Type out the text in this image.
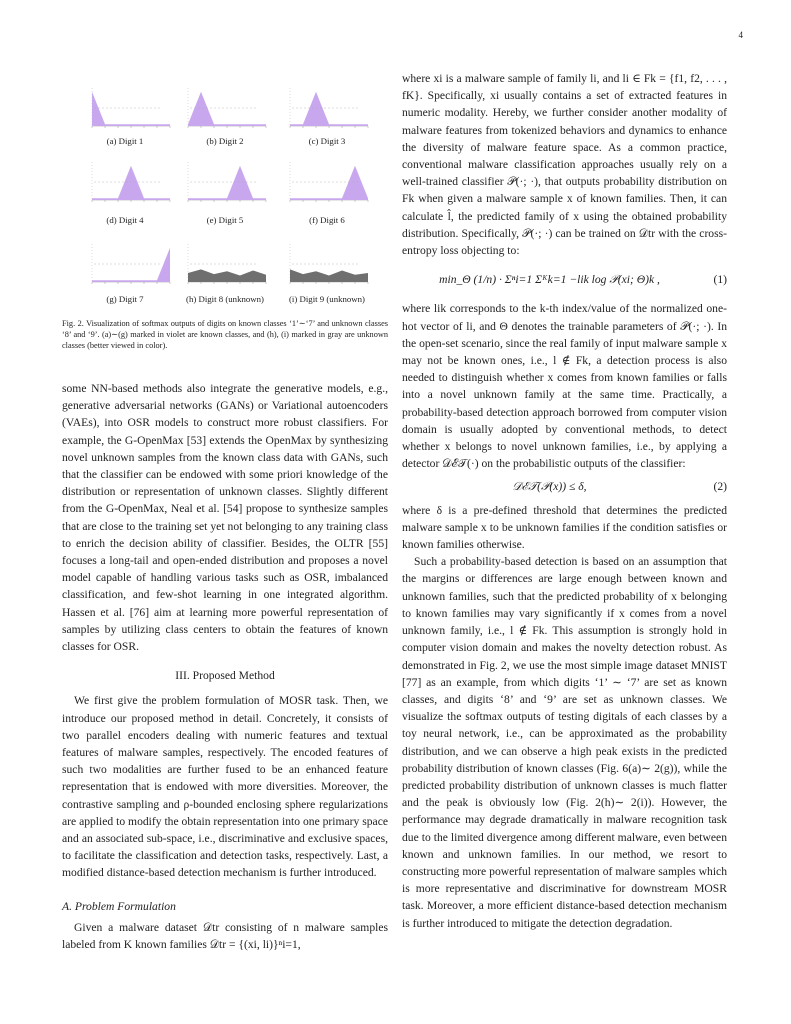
4
(a) Digit 1	(b) Digit 2	(c) Digit 3
(d) Digit 4	(e) Digit 5	(f) Digit 6
(g) Digit 7	(h) Digit 8 (unknown)	(i) Digit 9 (unknown)
Fig. 2. Visualization of softmax outputs of digits on known classes ‘1’∼‘7’ and unknown classes ‘8’ and ‘9’. (a)∼(g) marked in violet are known classes, and (h), (i) marked in gray are unknown classes (better viewed in color).

some NN-based methods also integrate the generative models, e.g., generative adversarial networks (GANs) or Variational autoencoders (VAEs), into OSR models to construct more robust classifiers. For example, the G-OpenMax [53] extends the OpenMax by synthesizing novel unknown samples from the known class data with GANs, such that the classifier can be endowed with some priori knowledge of the distribution or representation of unknown classes. Slightly different from the G-OpenMax, Neal et al. [54] propose to synthesize samples that are close to the training set yet not belonging to any training class to enrich the decision ability of classifier. Besides, the OLTR [55] focuses a long-tail and open-ended distribution and proposes a novel model capable of handling various tasks such as OSR, imbalanced classification, and few-shot learning in one integrated algorithm. Hassen et al. [76] aim at learning more powerful representation of samples by utilizing class centers to obtain the features of known classes for OSR.

III. Proposed Method

We first give the problem formulation of MOSR task. Then, we introduce our proposed method in detail. Concretely, it consists of two parallel encoders dealing with numeric features and textual features of malware samples, respectively. The encoded features of such two modalities are further fused to be an enhanced feature representation that is endowed with more diversities. Moreover, the contrastive sampling and ρ-bounded enclosing sphere regularizations are applied to modify the obtain representation into one primary space and an associated sub-space, i.e., discriminative and exclusive spaces, to facilitate the classification and detection tasks, respectively. Last, a modified distance-based detection mechanism is further introduced.

A. Problem Formulation

Given a malware dataset 𝒟tr consisting of n malware samples labeled from K known families 𝒟tr = {(xi, li)}ⁿi=1,

where xi is a malware sample of family li, and li ∈ Fk = {f1, f2, . . . , fK}. Specifically, xi usually contains a set of extracted features in numeric modality. Hereby, we further consider another modality of malware features from tokenized behaviors and dynamics to enhance the diversity of malware feature space. As a common practice, conventional malware classification approaches usually rely on a well-trained classifier 𝒫(·; ·), that outputs probability distribution on Fk when given a malware sample x of known families. Then, it can calculate l̂, the predicted family of x using the obtained probability distribution. Specifically, 𝒫(·; ·) can be trained on 𝒟tr with the cross-entropy loss objecting to:

min_Θ (1/n) · Σⁿi=1 Σᴷk=1 −lik log 𝒫(xi; Θ)k ,	(1)

where lik corresponds to the k-th index/value of the normalized one-hot vector of li, and Θ denotes the trainable parameters of 𝒫(·; ·). In the open-set scenario, since the real family of input malware sample x may not be known ones, i.e., l ∉ Fk, a detection process is also needed to distinguish whether x comes from known families or falls into a novel unknown family at the same time. Practically, a probability-based detection approach borrowed from computer vision domain is usually adopted by conventional methods, to detect whether x belongs to novel unknown families, i.e., by applying a detector 𝒟ℰ𝒯(·) on the probabilistic outputs of the classifier:

𝒟ℰ𝒯(𝒫(x)) ≤ δ,	(2)

where δ is a pre-defined threshold that determines the predicted malware sample x to be unknown families if the condition satisfies or known families otherwise.

Such a probability-based detection is based on an assumption that the margins or differences are large enough between known and unknown families, such that the predicted probability of x belonging to known families may vary significantly if x comes from a novel unknown family, i.e., l ∉ Fk. This assumption is strongly hold in computer vision domain and makes the novelty detection robust. As demonstrated in Fig. 2, we use the most simple image dataset MNIST [77] as an example, from which digits ‘1’ ∼ ‘7’ are set as known classes, and digits ‘8’ and ‘9’ are set as unknown classes. We visualize the softmax outputs of testing digitals of each classes by a toy neural network, i.e., can be approximated as the probability distribution, and we can observe a high peak exists in the predicted probability distribution of known classes (Fig. 6(a)∼ 2(g)), while the predicted probability distribution of unknown classes is much flatter and the peak is obviously low (Fig. 2(h)∼ 2(i)). However, the performance may degrade dramatically in malware recognition task due to the limited divergence among different malware, even between known and unknown families. In our method, we resort to constructing more powerful representation of malware samples which is more representative and discriminative for downstream MOSR task. Moreover, a more efficient distance-based detection mechanism is further introduced to mitigate the detection degradation.
